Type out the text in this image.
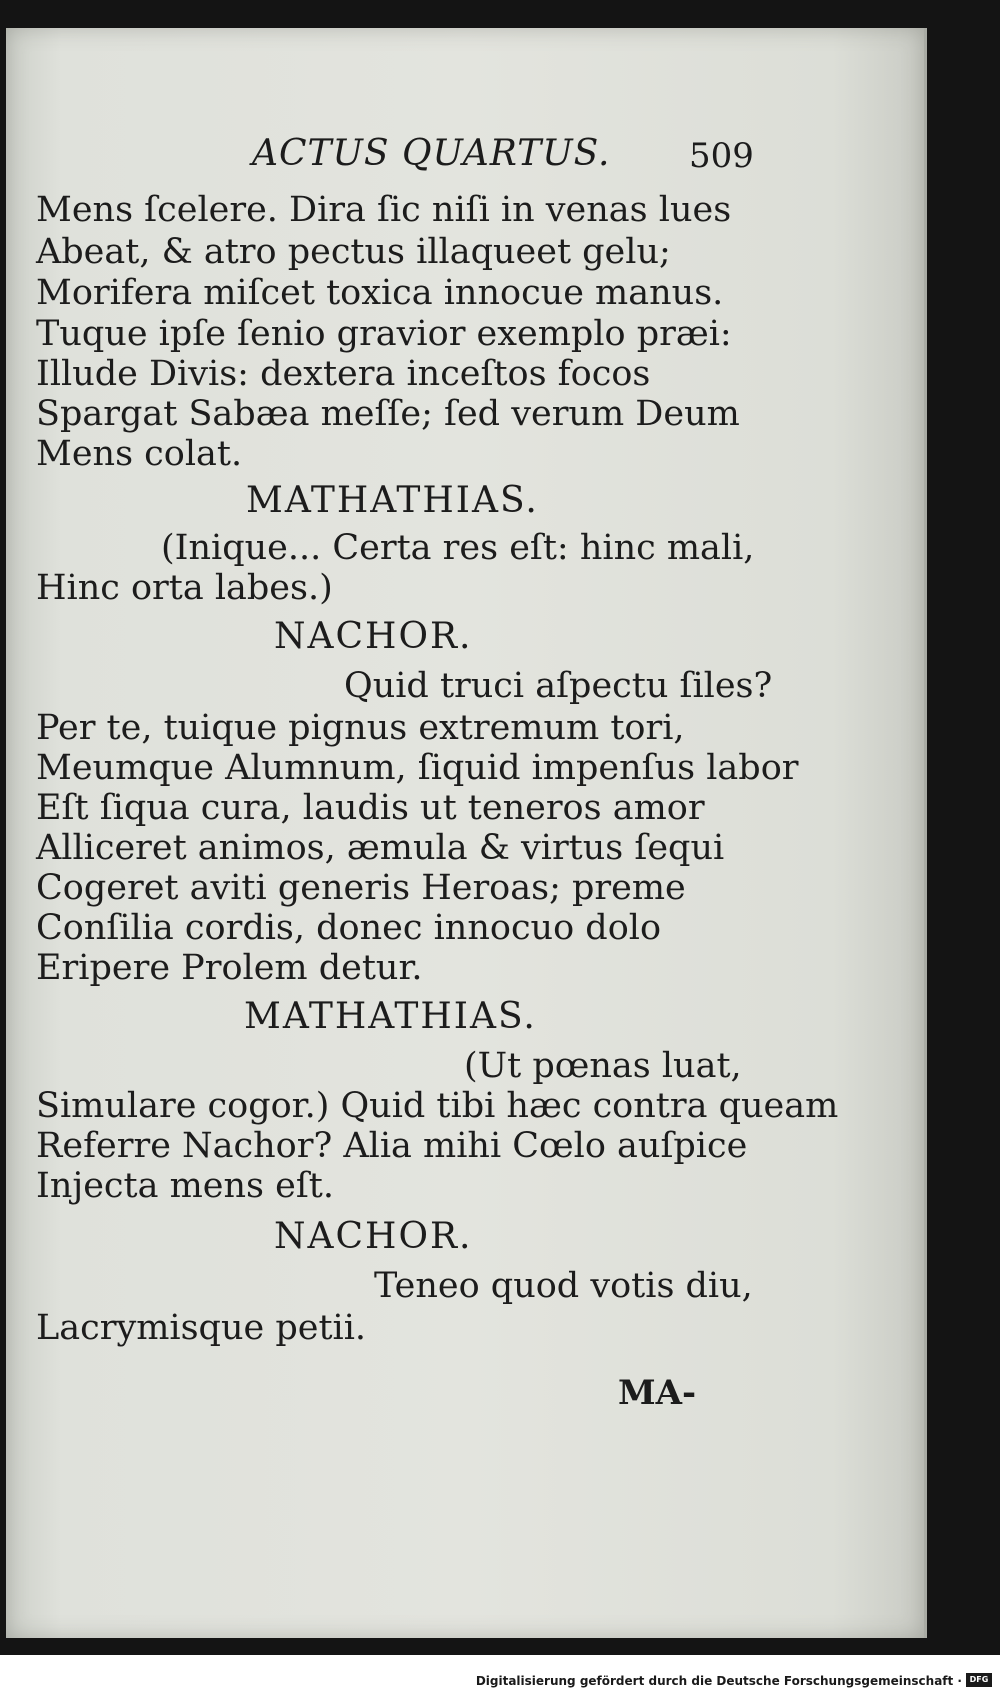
ACTUS QUARTUS. 509

Mens ſcelere. Dira ſic niſi in venas lues

Abeat, & atro pectus illaqueet gelu;

Morifera miſcet toxica innocue manus.

Tuque ipſe ſenio gravior exemplo præi:

Illude Divis: dextera inceſtos focos

Spargat Sabæa meſſe; ſed verum Deum

Mens colat.

MATHATHIAS.

(Inique... Certa res eſt: hinc mali,

Hinc orta labes.)

NACHOR.

Quid truci aſpectu ſiles?

Per te, tuique pignus extremum tori,

Meumque Alumnum, ſiquid impenſus labor

Eſt ſiqua cura, laudis ut teneros amor

Alliceret animos, æmula & virtus ſequi

Cogeret aviti generis Heroas; preme

Conſilia cordis, donec innocuo dolo

Eripere Prolem detur.

MATHATHIAS.

(Ut pœnas luat,

Simulare cogor.) Quid tibi hæc contra queam

Referre Nachor? Alia mihi Cœlo auſpice

Injecta mens eſt.

NACHOR.

Teneo quod votis diu,

Lacrymisque petii.

MA-

Digitalisierung gefördert durch die Deutsche Forschungsgemeinschaft · DFG
